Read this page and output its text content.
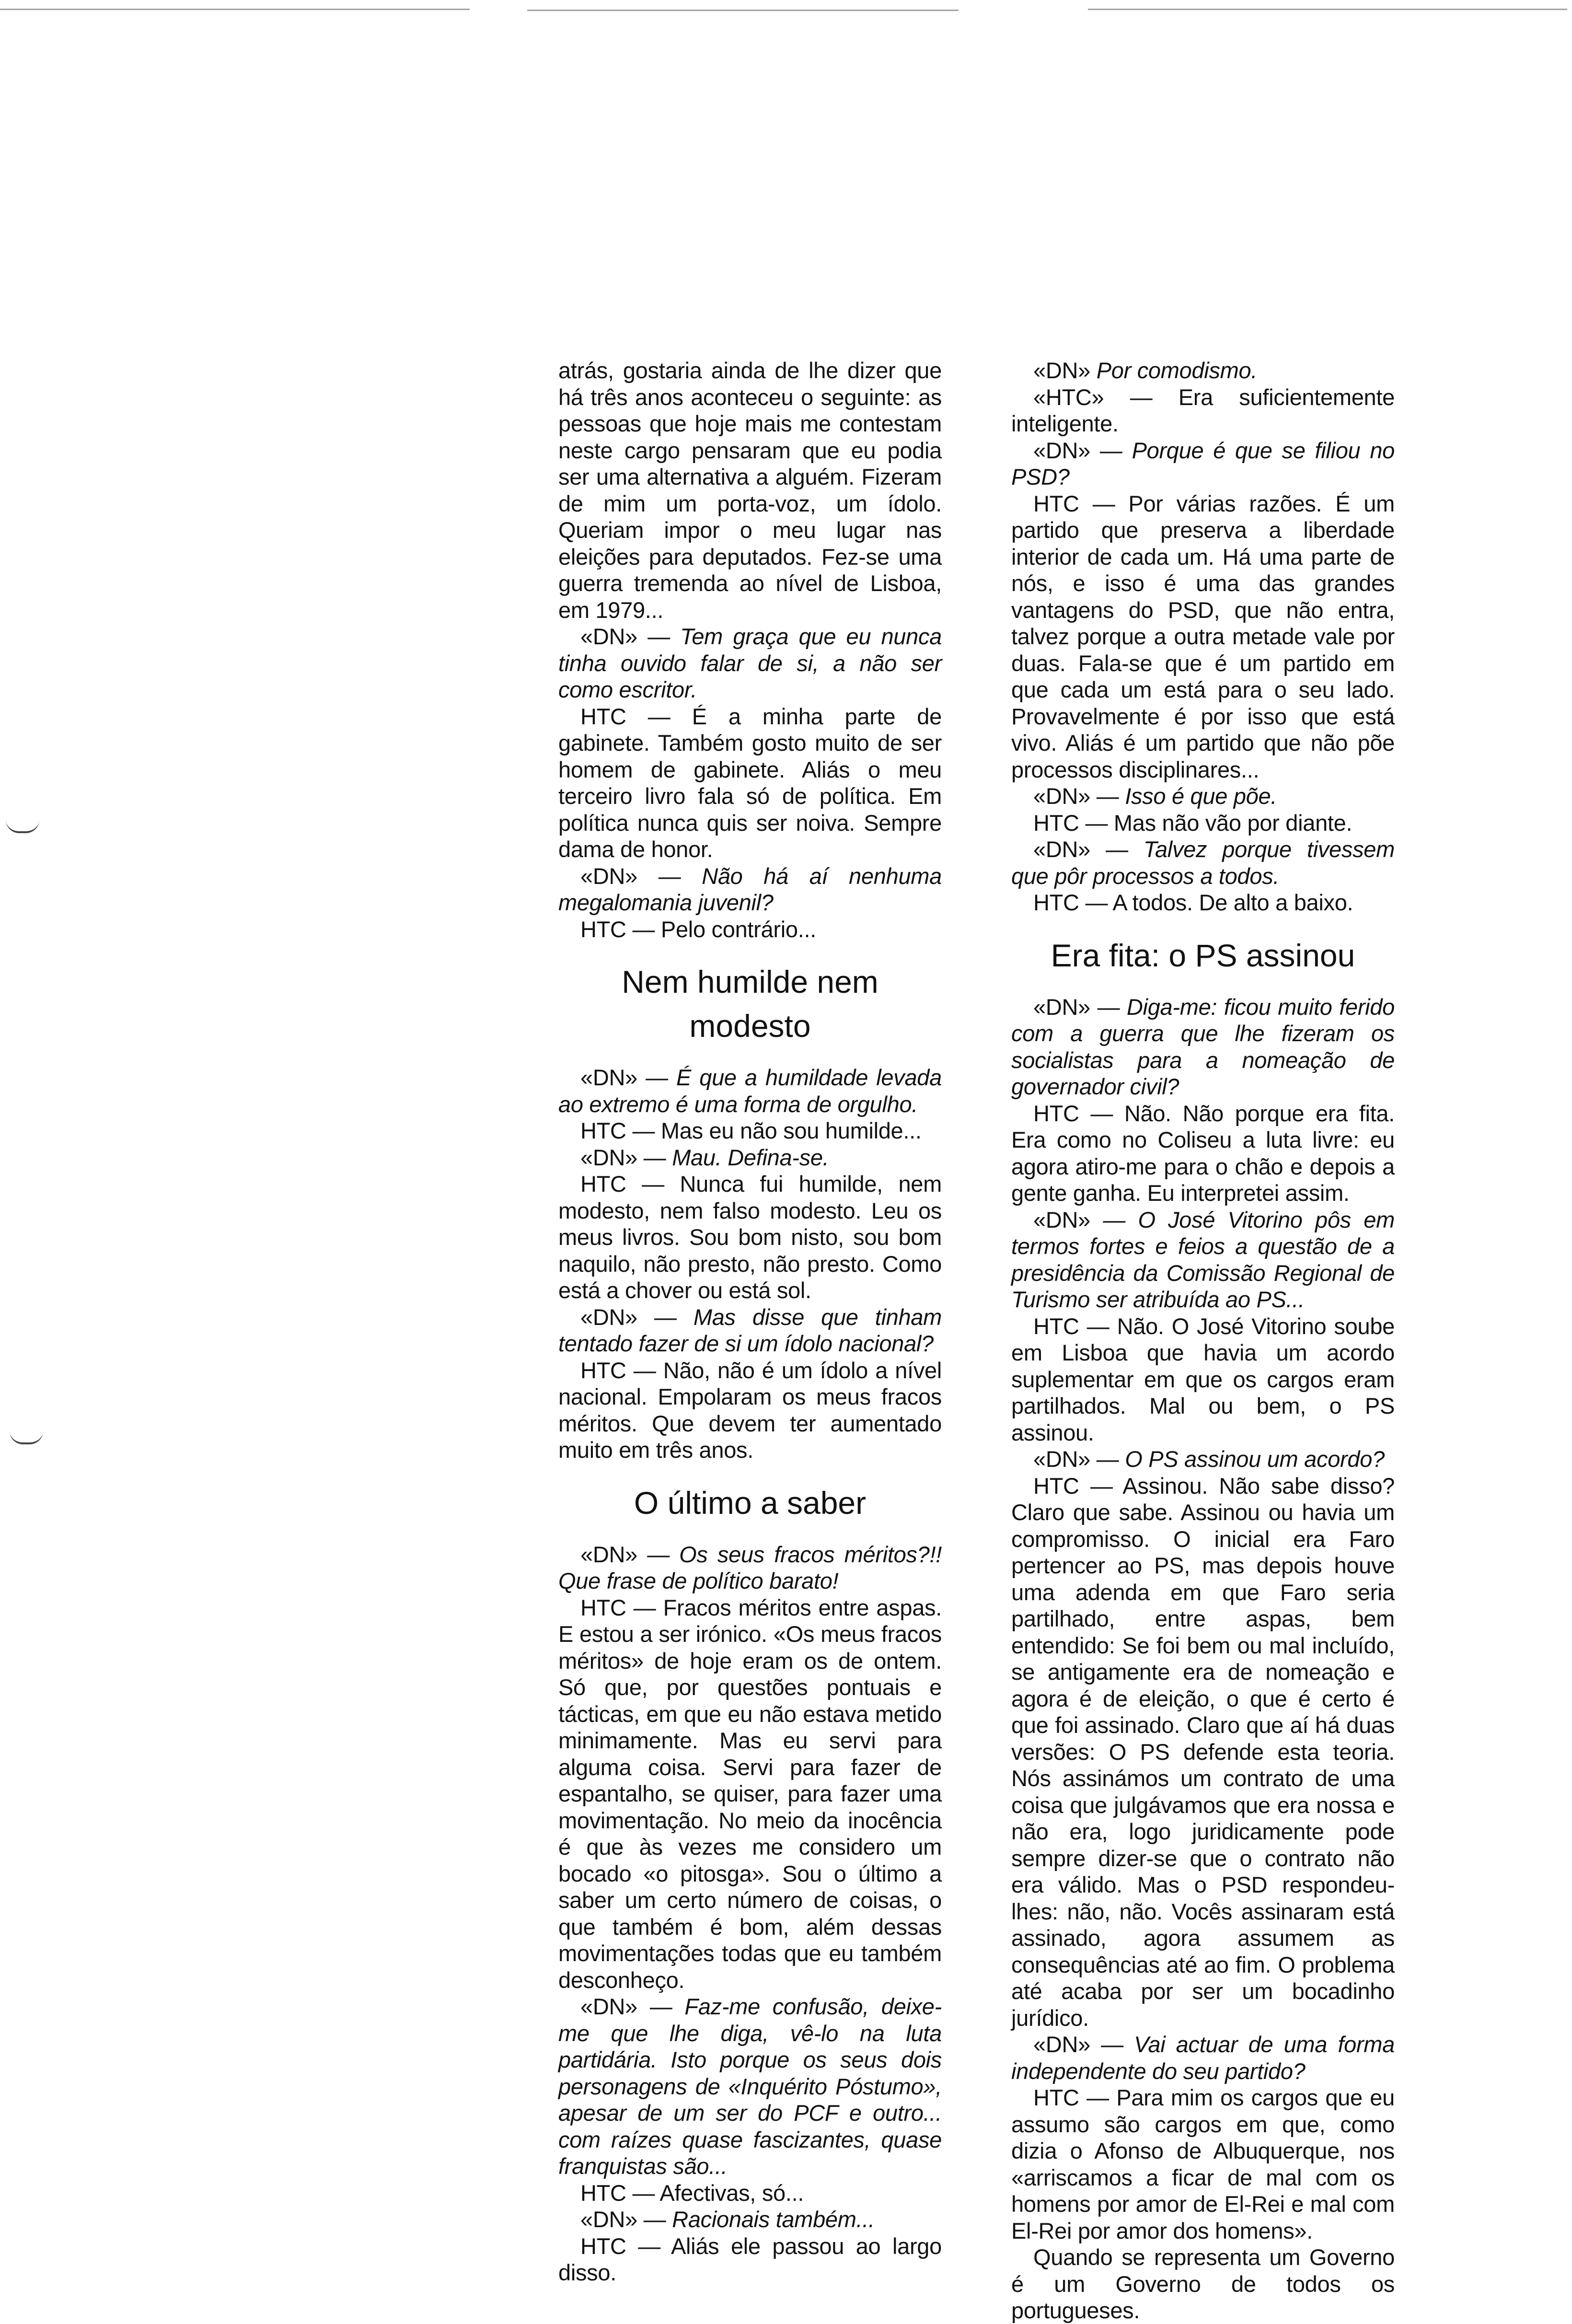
atrás, gostaria ainda de lhe dizer que há três anos aconteceu o seguinte: as pessoas que hoje mais me contestam neste cargo pensaram que eu podia ser uma alternativa a alguém. Fizeram de mim um porta-voz, um ídolo. Queriam impor o meu lugar nas eleições para deputados. Fez-se uma guerra tremenda ao nível de Lisboa, em 1979...

«DN» — Tem graça que eu nunca tinha ouvido falar de si, a não ser como escritor.

HTC — É a minha parte de gabinete. Também gosto muito de ser homem de gabinete. Aliás o meu terceiro livro fala só de política. Em política nunca quis ser noiva. Sempre dama de honor.

«DN» — Não há aí nenhuma megalomania juvenil?

HTC — Pelo contrário...

Nem humilde nem modesto

«DN» — É que a humildade levada ao extremo é uma forma de orgulho.

HTC — Mas eu não sou humilde...

«DN» — Mau. Defina-se.

HTC — Nunca fui humilde, nem modesto, nem falso modesto. Leu os meus livros. Sou bom nisto, sou bom naquilo, não presto, não presto. Como está a chover ou está sol.

«DN» — Mas disse que tinham tentado fazer de si um ídolo nacional?

HTC — Não, não é um ídolo a nível nacional. Empolaram os meus fracos méritos. Que devem ter aumentado muito em três anos.

O último a saber

«DN» — Os seus fracos méritos?!! Que frase de político barato!

HTC — Fracos méritos entre aspas. E estou a ser irónico. «Os meus fracos méritos» de hoje eram os de ontem. Só que, por questões pontuais e tácticas, em que eu não estava metido minimamente. Mas eu servi para alguma coisa. Servi para fazer de espantalho, se quiser, para fazer uma movimentação. No meio da inocência é que às vezes me considero um bocado «o pitosga». Sou o último a saber um certo número de coisas, o que também é bom, além dessas movimentações todas que eu também desconheço.

«DN» — Faz-me confusão, deixe-me que lhe diga, vê-lo na luta partidária. Isto porque os seus dois personagens de «Inquérito Póstumo», apesar de um ser do PCF e outro... com raízes quase fascizantes, quase franquistas são...

HTC — Afectivas, só...

«DN» — Racionais também...

HTC — Aliás ele passou ao largo disso.

«DN» Por comodismo.

«HTC» — Era suficientemente inteligente.

«DN» — Porque é que se filiou no PSD?

HTC — Por várias razões. É um partido que preserva a liberdade interior de cada um. Há uma parte de nós, e isso é uma das grandes vantagens do PSD, que não entra, talvez porque a outra metade vale por duas. Fala-se que é um partido em que cada um está para o seu lado. Provavelmente é por isso que está vivo. Aliás é um partido que não põe processos disciplinares...

«DN» — Isso é que põe.

HTC — Mas não vão por diante.

«DN» — Talvez porque tivessem que pôr processos a todos.

HTC — A todos. De alto a baixo.

Era fita: o PS assinou

«DN» — Diga-me: ficou muito ferido com a guerra que lhe fizeram os socialistas para a nomeação de governador civil?

HTC — Não. Não porque era fita. Era como no Coliseu a luta livre: eu agora atiro-me para o chão e depois a gente ganha. Eu interpretei assim.

«DN» — O José Vitorino pôs em termos fortes e feios a questão de a presidência da Comissão Regional de Turismo ser atribuída ao PS...

HTC — Não. O José Vitorino soube em Lisboa que havia um acordo suplementar em que os cargos eram partilhados. Mal ou bem, o PS assinou.

«DN» — O PS assinou um acordo?

HTC — Assinou. Não sabe disso? Claro que sabe. Assinou ou havia um compromisso. O inicial era Faro pertencer ao PS, mas depois houve uma adenda em que Faro seria partilhado, entre aspas, bem entendido: Se foi bem ou mal incluído, se antigamente era de nomeação e agora é de eleição, o que é certo é que foi assinado. Claro que aí há duas versões: O PS defende esta teoria. Nós assinámos um contrato de uma coisa que julgávamos que era nossa e não era, logo juridicamente pode sempre dizer-se que o contrato não era válido. Mas o PSD respondeu-lhes: não, não. Vocês assinaram está assinado, agora assumem as consequências até ao fim. O problema até acaba por ser um bocadinho jurídico.

«DN» — Vai actuar de uma forma independente do seu partido?

HTC — Para mim os cargos que eu assumo são cargos em que, como dizia o Afonso de Albuquerque, nos «arriscamos a ficar de mal com os homens por amor de El-Rei e mal com El-Rei por amor dos homens».

Quando se representa um Governo é um Governo de todos os portugueses.
